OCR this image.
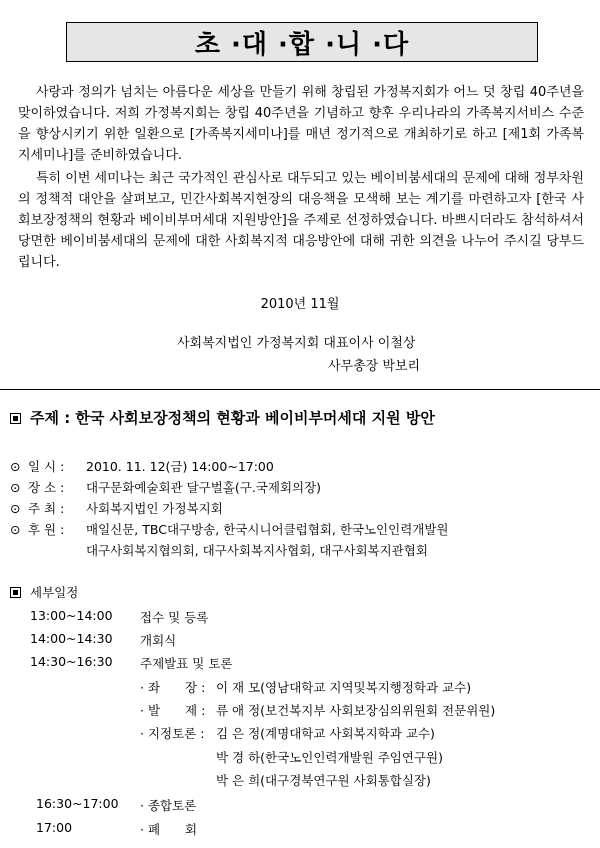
초 ·대 ·합 ·니 ·다
사랑과 정의가 넘치는 아름다운 세상을 만들기 위해 창립된 가정복지회가 어느 덧 창립 40주년을 맞이하였습니다. 저희 가정복지회는 창립 40주년을 기념하고 향후 우리나라의 가족복지서비스 수준을 향상시키기 위한 일환으로 [가족복지세미나]를 매년 정기적으로 개최하기로 하고 [제1회 가족복지세미나]를 준비하였습니다.
특히 이번 세미나는 최근 국가적인 관심사로 대두되고 있는 베이비붐세대의 문제에 대해 정부차원의 정책적 대안을 살펴보고, 민간사회복지현장의 대응책을 모색해 보는 계기를 마련하고자 [한국 사회보장정책의 현황과 베이비부머세대 지원방안]을 주제로 선정하였습니다. 바쁘시더라도 참석하셔서 당면한 베이비붐세대의 문제에 대한 사회복지적 대응방안에 대해 귀한 의견을 나누어 주시길 당부드립니다.
2010년 11월
사회복지법인 가정복지회 대표이사 이철상
사무총장 박보리
주제 : 한국 사회보장정책의 현황과 베이비부머세대 지원 방안
⊙ 일 시 : 2010. 11. 12(금) 14:00~17:00
⊙ 장 소 : 대구문화예술회관 달구벌홀(구.국제회의장)
⊙ 주 최 : 사회복지법인 가정복지회
⊙ 후 원 : 매일신문, TBC대구방송, 한국시니어클럽협회, 한국노인인력개발원
대구사회복지협의회, 대구사회복지사협회, 대구사회복지관협회
세부일정
13:00~14:00 접수 및 등록
14:00~14:30 개회식
14:30~16:30 주제발표 및 토론
· 좌　　장 : 이 재 모(영남대학교 지역및복지행정학과 교수)
· 발　　제 : 류 애 정(보건복지부 사회보장심의위원회 전문위원)
· 지정토론 : 김 은 정(계명대학교 사회복지학과 교수)
박 경 하(한국노인인력개발원 주임연구원)
박 은 희(대구경북연구원 사회통합실장)
16:30~17:00 · 종합토론
17:00	· 폐　　회
